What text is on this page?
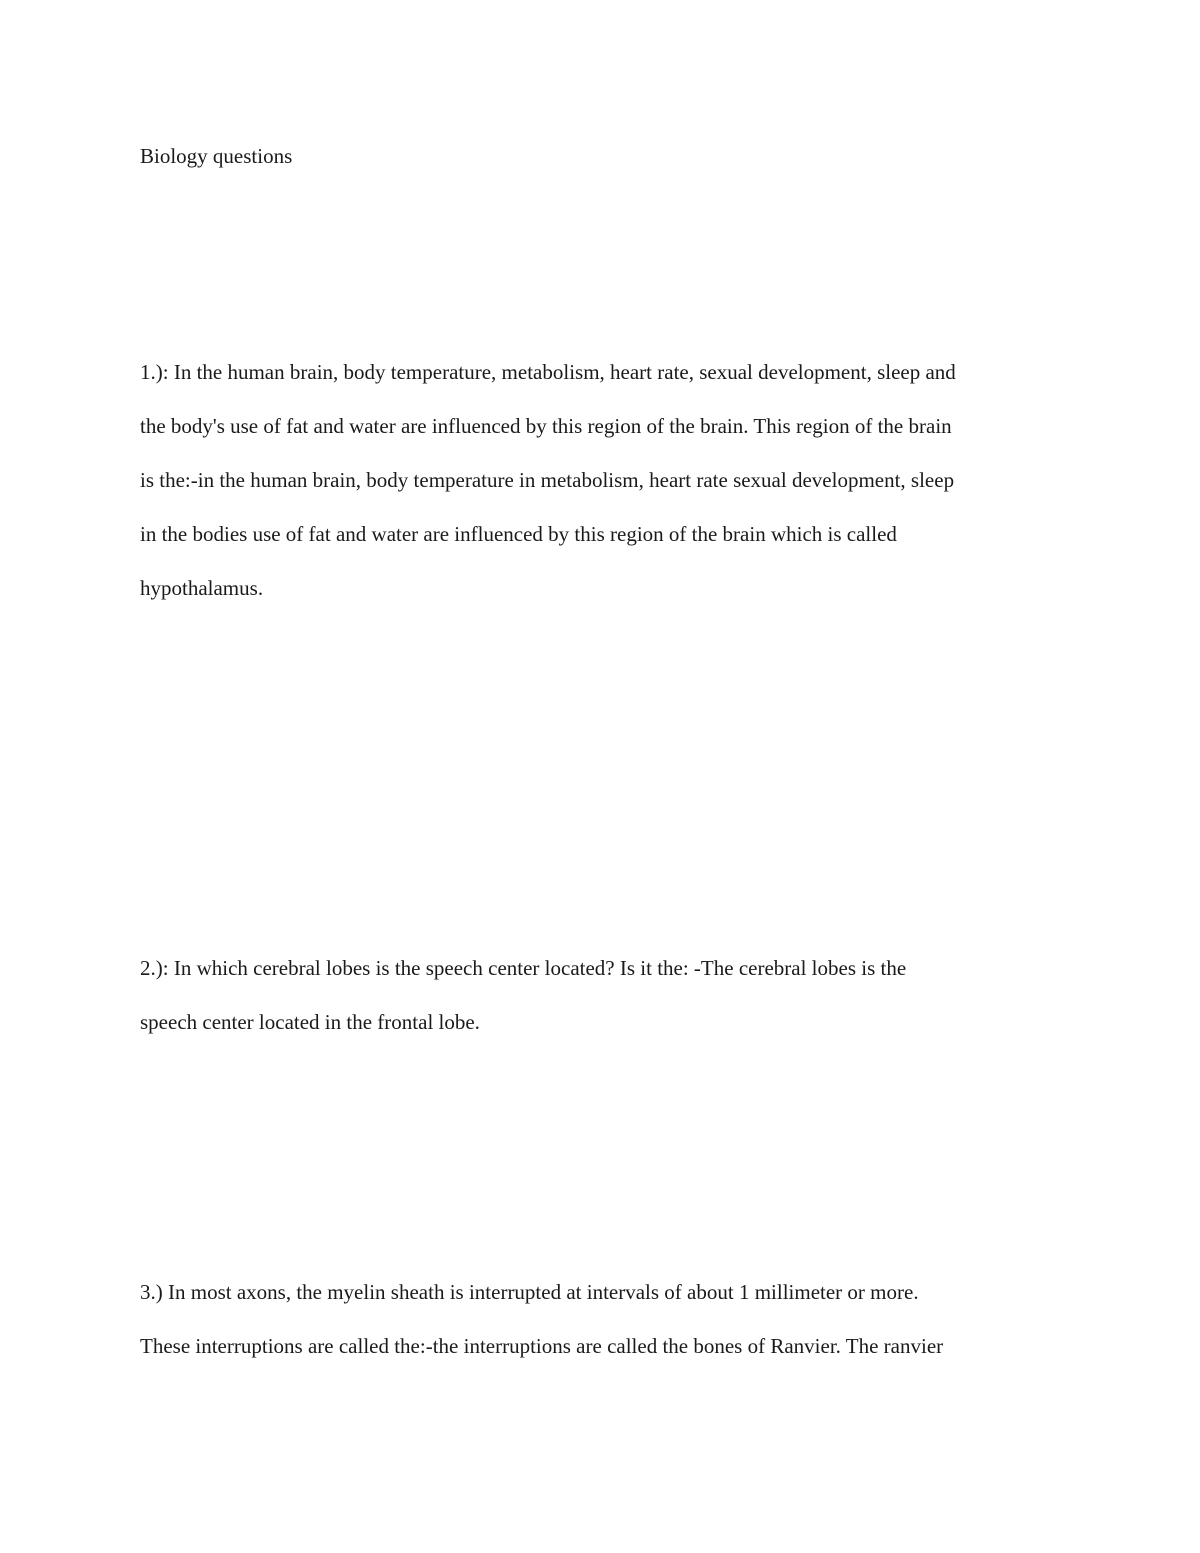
Biology questions
1.): In the human brain, body temperature, metabolism, heart rate, sexual development, sleep and
the body's use of fat and water are influenced by this region of the brain. This region of the brain
is the:-in the human brain, body temperature in metabolism, heart rate sexual development, sleep
in the bodies use of fat and water are influenced by this region of the brain which is called
hypothalamus.
2.): In which cerebral lobes is the speech center located? Is it the: -The cerebral lobes is the
speech center located in the frontal lobe.
3.) In most axons, the myelin sheath is interrupted at intervals of about 1 millimeter or more.
These interruptions are called the:-the interruptions are called the bones of Ranvier. The ranvier
